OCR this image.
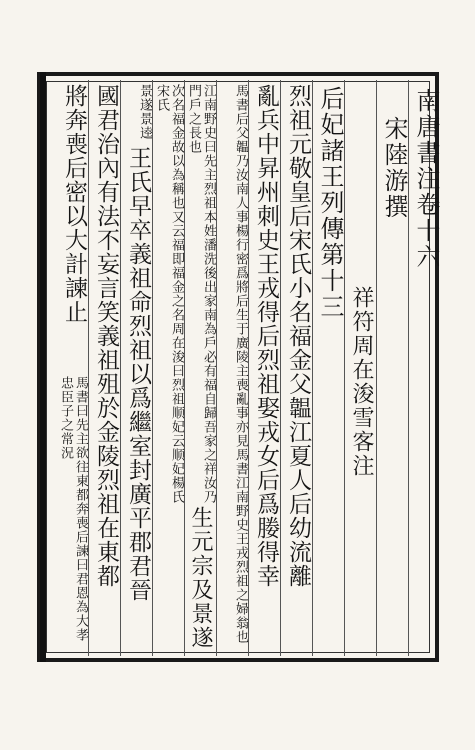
南唐書注卷十六
宋陸游撰
祥符周在浚雪客注
后妃諸王列傳第十三
烈祖元敬皇后宋氏小名福金父韞江夏人后幼流離
亂兵中昇州刺史王戎得后烈祖娶戎女后爲媵得幸
馬書后父韞乃汝南人事楊行密爲將后生于廣陵主喪亂事亦見馬書江南野史王戎烈祖之婦翁也
江南野史曰先主烈祖本姓潘洗後出家南為戶必有福自歸吾家之祥汝乃門戶之長也
次名福金故以為稱也又云福即福金之名周在浚曰烈祖顺妃云顺妃楊氏宋氏
生元宗及景遂
景遂景逵
王氏早卒義祖命烈祖以爲繼室封廣平郡君晉
國君治內有法不妄言笑義祖殂於金陵烈祖在東都
將奔喪后密以大計諫止
馬書曰先主欲往東都奔喪后諫曰君恩為大孝忠臣子之常況
